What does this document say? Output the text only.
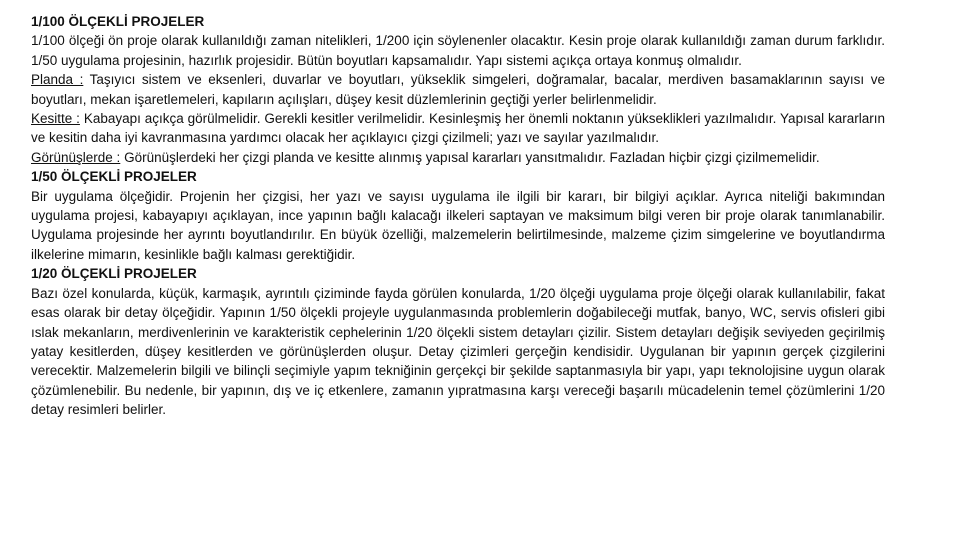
1/100 ÖLÇEKLİ PROJELER

1/100 ölçeği ön proje olarak kullanıldığı zaman nitelikleri, 1/200 için söylenenler olacaktır. Kesin proje olarak kullanıldığı zaman durum farklıdır. 1/50 uygulama projesinin, hazırlık projesidir. Bütün boyutları kapsamalıdır. Yapı sistemi açıkça ortaya konmuş olmalıdır.

Planda : Taşıyıcı sistem ve eksenleri, duvarlar ve boyutları, yükseklik simgeleri, doğramalar, bacalar, merdiven basamaklarının sayısı ve boyutları, mekan işaretlemeleri, kapıların açılışları, düşey kesit düzlemlerinin geçtiği yerler belirlenmelidir.

Kesitte : Kabayapı açıkça görülmelidir. Gerekli kesitler verilmelidir. Kesinleşmiş her önemli noktanın yükseklikleri yazılmalıdır. Yapısal kararların ve kesitin daha iyi kavranmasına yardımcı olacak her açıklayıcı çizgi çizilmeli; yazı ve sayılar yazılmalıdır.

Görünüşlerde : Görünüşlerdeki her çizgi planda ve kesitte alınmış yapısal kararları yansıtmalıdır. Fazladan hiçbir çizgi çizilmemelidir.

1/50 ÖLÇEKLİ PROJELER

Bir uygulama ölçeğidir. Projenin her çizgisi, her yazı ve sayısı uygulama ile ilgili bir kararı, bir bilgiyi açıklar. Ayrıca niteliği bakımından uygulama projesi, kabayapıyı açıklayan, ince yapının bağlı kalacağı ilkeleri saptayan ve maksimum bilgi veren bir proje olarak tanımlanabilir. Uygulama projesinde her ayrıntı boyutlandırılır. En büyük özelliği, malzemelerin belirtilmesinde, malzeme çizim simgelerine ve boyutlandırma ilkelerine mimarın, kesinlikle bağlı kalması gerektiğidir.

1/20 ÖLÇEKLİ PROJELER

Bazı özel konularda, küçük, karmaşık, ayrıntılı çiziminde fayda görülen konularda, 1/20 ölçeği uygulama proje ölçeği olarak kullanılabilir, fakat esas olarak bir detay ölçeğidir. Yapının 1/50 ölçekli projeyle uygulanmasında problemlerin doğabileceği mutfak, banyo, WC, servis ofisleri gibi ıslak mekanların, merdivenlerinin ve karakteristik cephelerinin 1/20 ölçekli sistem detayları çizilir. Sistem detayları değişik seviyeden geçirilmiş yatay kesitlerden, düşey kesitlerden ve görünüşlerden oluşur. Detay çizimleri gerçeğin kendisidir. Uygulanan bir yapının gerçek çizgilerini verecektir. Malzemelerin bilgili ve bilinçli seçimiyle yapım tekniğinin gerçekçi bir şekilde saptanmasıyla bir yapı, yapı teknolojisine uygun olarak çözümlenebilir. Bu nedenle, bir yapının, dış ve iç etkenlere, zamanın yıpratmasına karşı vereceği başarılı mücadelenin temel çözümlerini 1/20 detay resimleri belirler.
